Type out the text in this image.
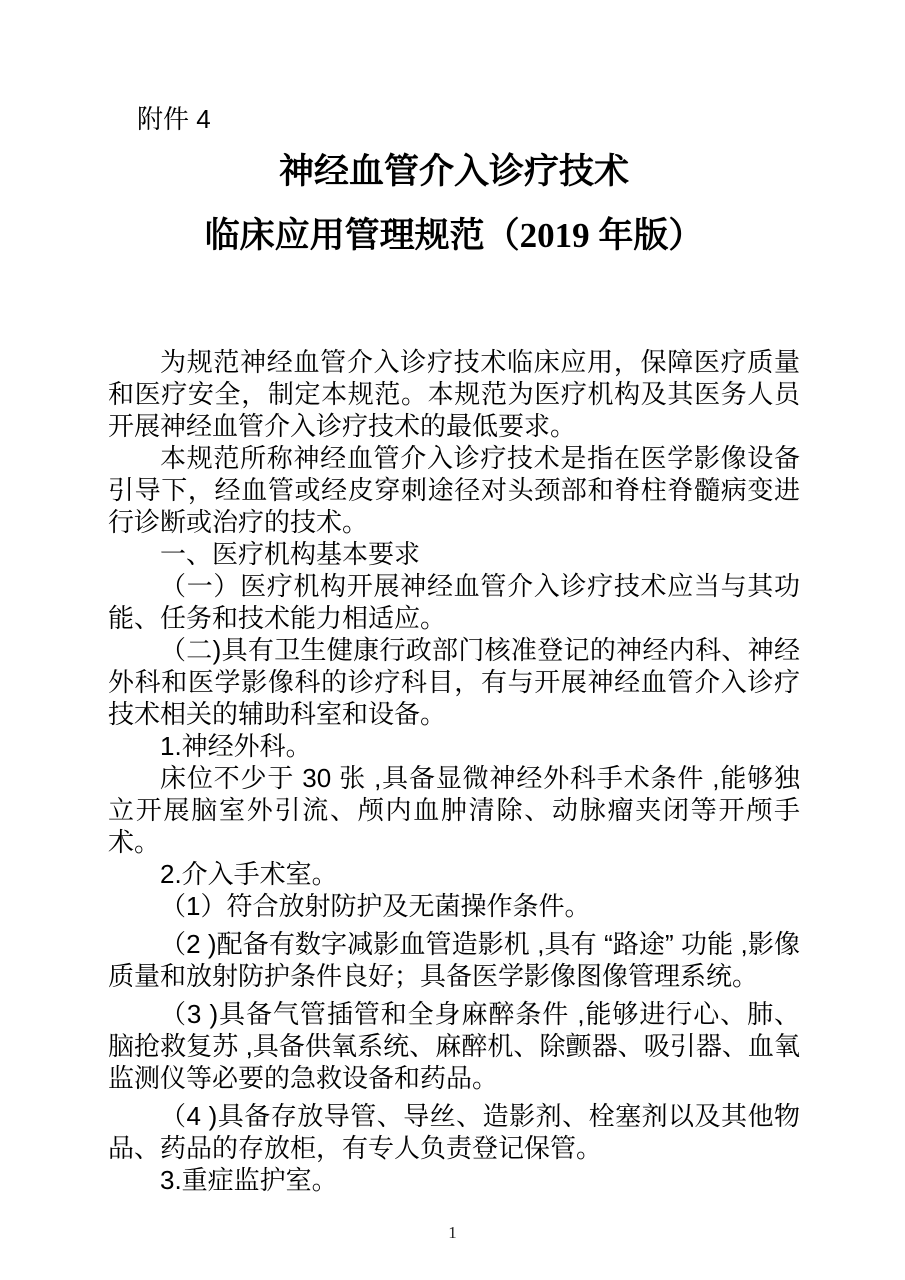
附件 4
神经血管介入诊疗技术
临床应用管理规范（2019 年版）

为规范神经血管介入诊疗技术临床应用，保障医疗质量和医疗安全，制定本规范。本规范为医疗机构及其医务人员开展神经血管介入诊疗技术的最低要求。

本规范所称神经血管介入诊疗技术是指在医学影像设备引导下，经血管或经皮穿刺途径对头颈部和脊柱脊髓病变进行诊断或治疗的技术。

一、医疗机构基本要求

（一）医疗机构开展神经血管介入诊疗技术应当与其功能、任务和技术能力相适应。

（二)具有卫生健康行政部门核准登记的神经内科、神经外科和医学影像科的诊疗科目，有与开展神经血管介入诊疗技术相关的辅助科室和设备。

1.神经外科。

床位不少于 30 张 ,具备显微神经外科手术条件 ,能够独立开展脑室外引流、颅内血肿清除、动脉瘤夹闭等开颅手术。

2.介入手术室。

（1）符合放射防护及无菌操作条件。

（2 )配备有数字减影血管造影机 ,具有 “路途” 功能 ,影像质量和放射防护条件良好；具备医学影像图像管理系统。

（3 )具备气管插管和全身麻醉条件 ,能够进行心、肺、脑抢救复苏 ,具备供氧系统、麻醉机、除颤器、吸引器、血氧监测仪等必要的急救设备和药品。

（4 )具备存放导管、导丝、造影剂、栓塞剂以及其他物品、药品的存放柜，有专人负责登记保管。

3.重症监护室。

1
